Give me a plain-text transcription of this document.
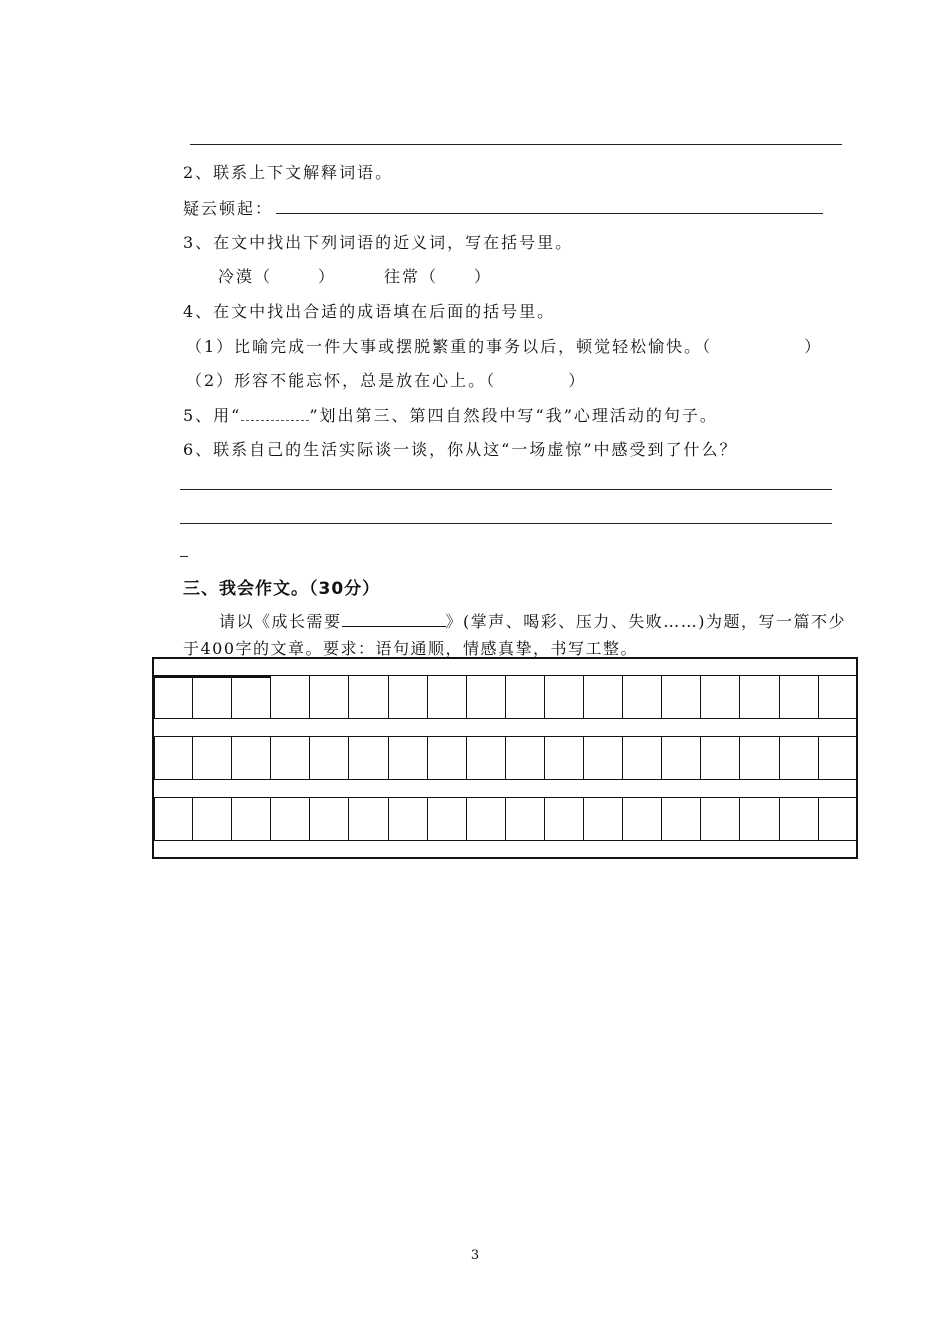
2、联系上下文解释词语。
疑云顿起：
3、在文中找出下列词语的近义词，写在括号里。
冷漠（	）	往常（ ）
4、在文中找出合适的成语填在后面的括号里。
（1）比喻完成一件大事或摆脱繁重的事务以后，顿觉轻松愉快。（	）
（2）形容不能忘怀，总是放在心上。（	）
5、用“	”划出第三、第四自然段中写“我”心理活动的句子。
6、联系自己的生活实际谈一谈，你从这“一场虚惊”中感受到了什么？
三、我会作文。（30分）
请以《成长需要	》(掌声、喝彩、压力、失败……)为题，写一篇不少
于400字的文章。要求：语句通顺，情感真挚，书写工整。
3
